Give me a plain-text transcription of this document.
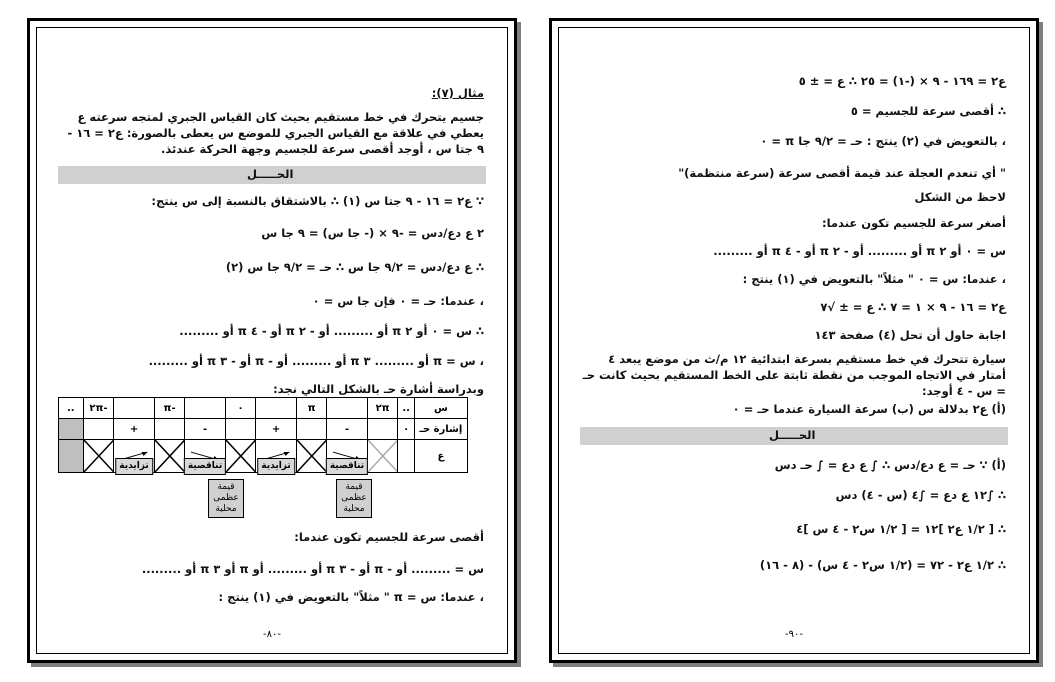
مثال (٧):
جسيم يتحرك في خط مستقيم بحيث كان القياس الجبري لمتجه سرعته ع يعطي في علاقة مع القياس الجبري للموضع س يعطى بالصورة: ع٢ = ١٦ - ٩ جتا س ، أوجد أقصى سرعة للجسيم وجهة الحركة عندئذ.
الحـــــل
∵ ع٢ = ١٦ - ٩ جتا س (١) ∴ بالاشتقاق بالنسبة إلى س ينتج:
٢ ع دع/دس = -٩ × (- جا س) = ٩ جا س
∴ ع دع/دس = ٩/٢ جا س ∴ حـ = ٩/٢ جا س (٢)
، عندما: حـ = ٠ فإن جا س = ٠
∴ س = ٠ أو ٢ π أو ......... أو - ٢ π أو - ٤ π أو .........
، س = π أو ......... ٣ π أو ......... أو - π أو - ٣ π أو .........
وبدراسة أشارة حـ بالشكل التالي نجد:
..	٢π-		π-		٠		π		٢π	..	س
		+		-		+		-		٠	إشارة حـ

تزايدية		تناقصية		تزايدية		تناقصية			ع
قيمة
عظمى
محلية
قيمة
عظمى
محلية
أقصى سرعة للجسيم تكون عندما:
س = ......... أو - π أو - ٣ π أو ......... أو π أو ٣ π أو .........
، عندما: س = π " مثلاً" بالتعويض في (١) ينتج :
-٨٠-
ع٢ = ١٦٩ - ٩ × (-١) = ٢٥ ∴ ع = ± ٥
∴ أقصى سرعة للجسيم = ٥
، بالتعويض في (٢) ينتج : حـ = ٩/٢ جا π = ٠
" أي تنعدم العجلة عند قيمة أقصى سرعة (سرعة منتظمة)"
لاحظ من الشكل
أصغر سرعة للجسيم تكون عندما:
س = ٠ أو ٢ π أو ......... أو - ٢ π أو - ٤ π أو .........
، عندما: س = ٠ " مثلاً" بالتعويض في (١) ينتج :
ع٢ = ١٦ - ٩ × ١ = ٧ ∴ ع = ± √٧
اجابة حاول أن تحل (٤) صفحة ١٤٣
سيارة تتحرك في خط مستقيم بسرعة ابتدائية ١٢ م/ث من موضع يبعد ٤ أمتار في الاتجاه الموجب من نقطة ثابتة على الخط المستقيم بحيث كانت حـ = س - ٤ أوجد:
(أ) ع٢ بدلالة س (ب) سرعة السيارة عندما حـ = ٠
الحـــــل
(أ) ∵ حـ = ع دع/دس ∴ ∫ ع دع = ∫ حـ دس
∴ ∫١٢ ع دع = ∫٤ (س - ٤) دس
∴ [ ١/٢ ع٢ ]١٢ = [ ١/٢ س٢ - ٤ س ]٤
∴ ١/٢ ع٢ - ٧٢ = (١/٢ س٢ - ٤ س) - (٨ - ١٦)
-٩٠-
